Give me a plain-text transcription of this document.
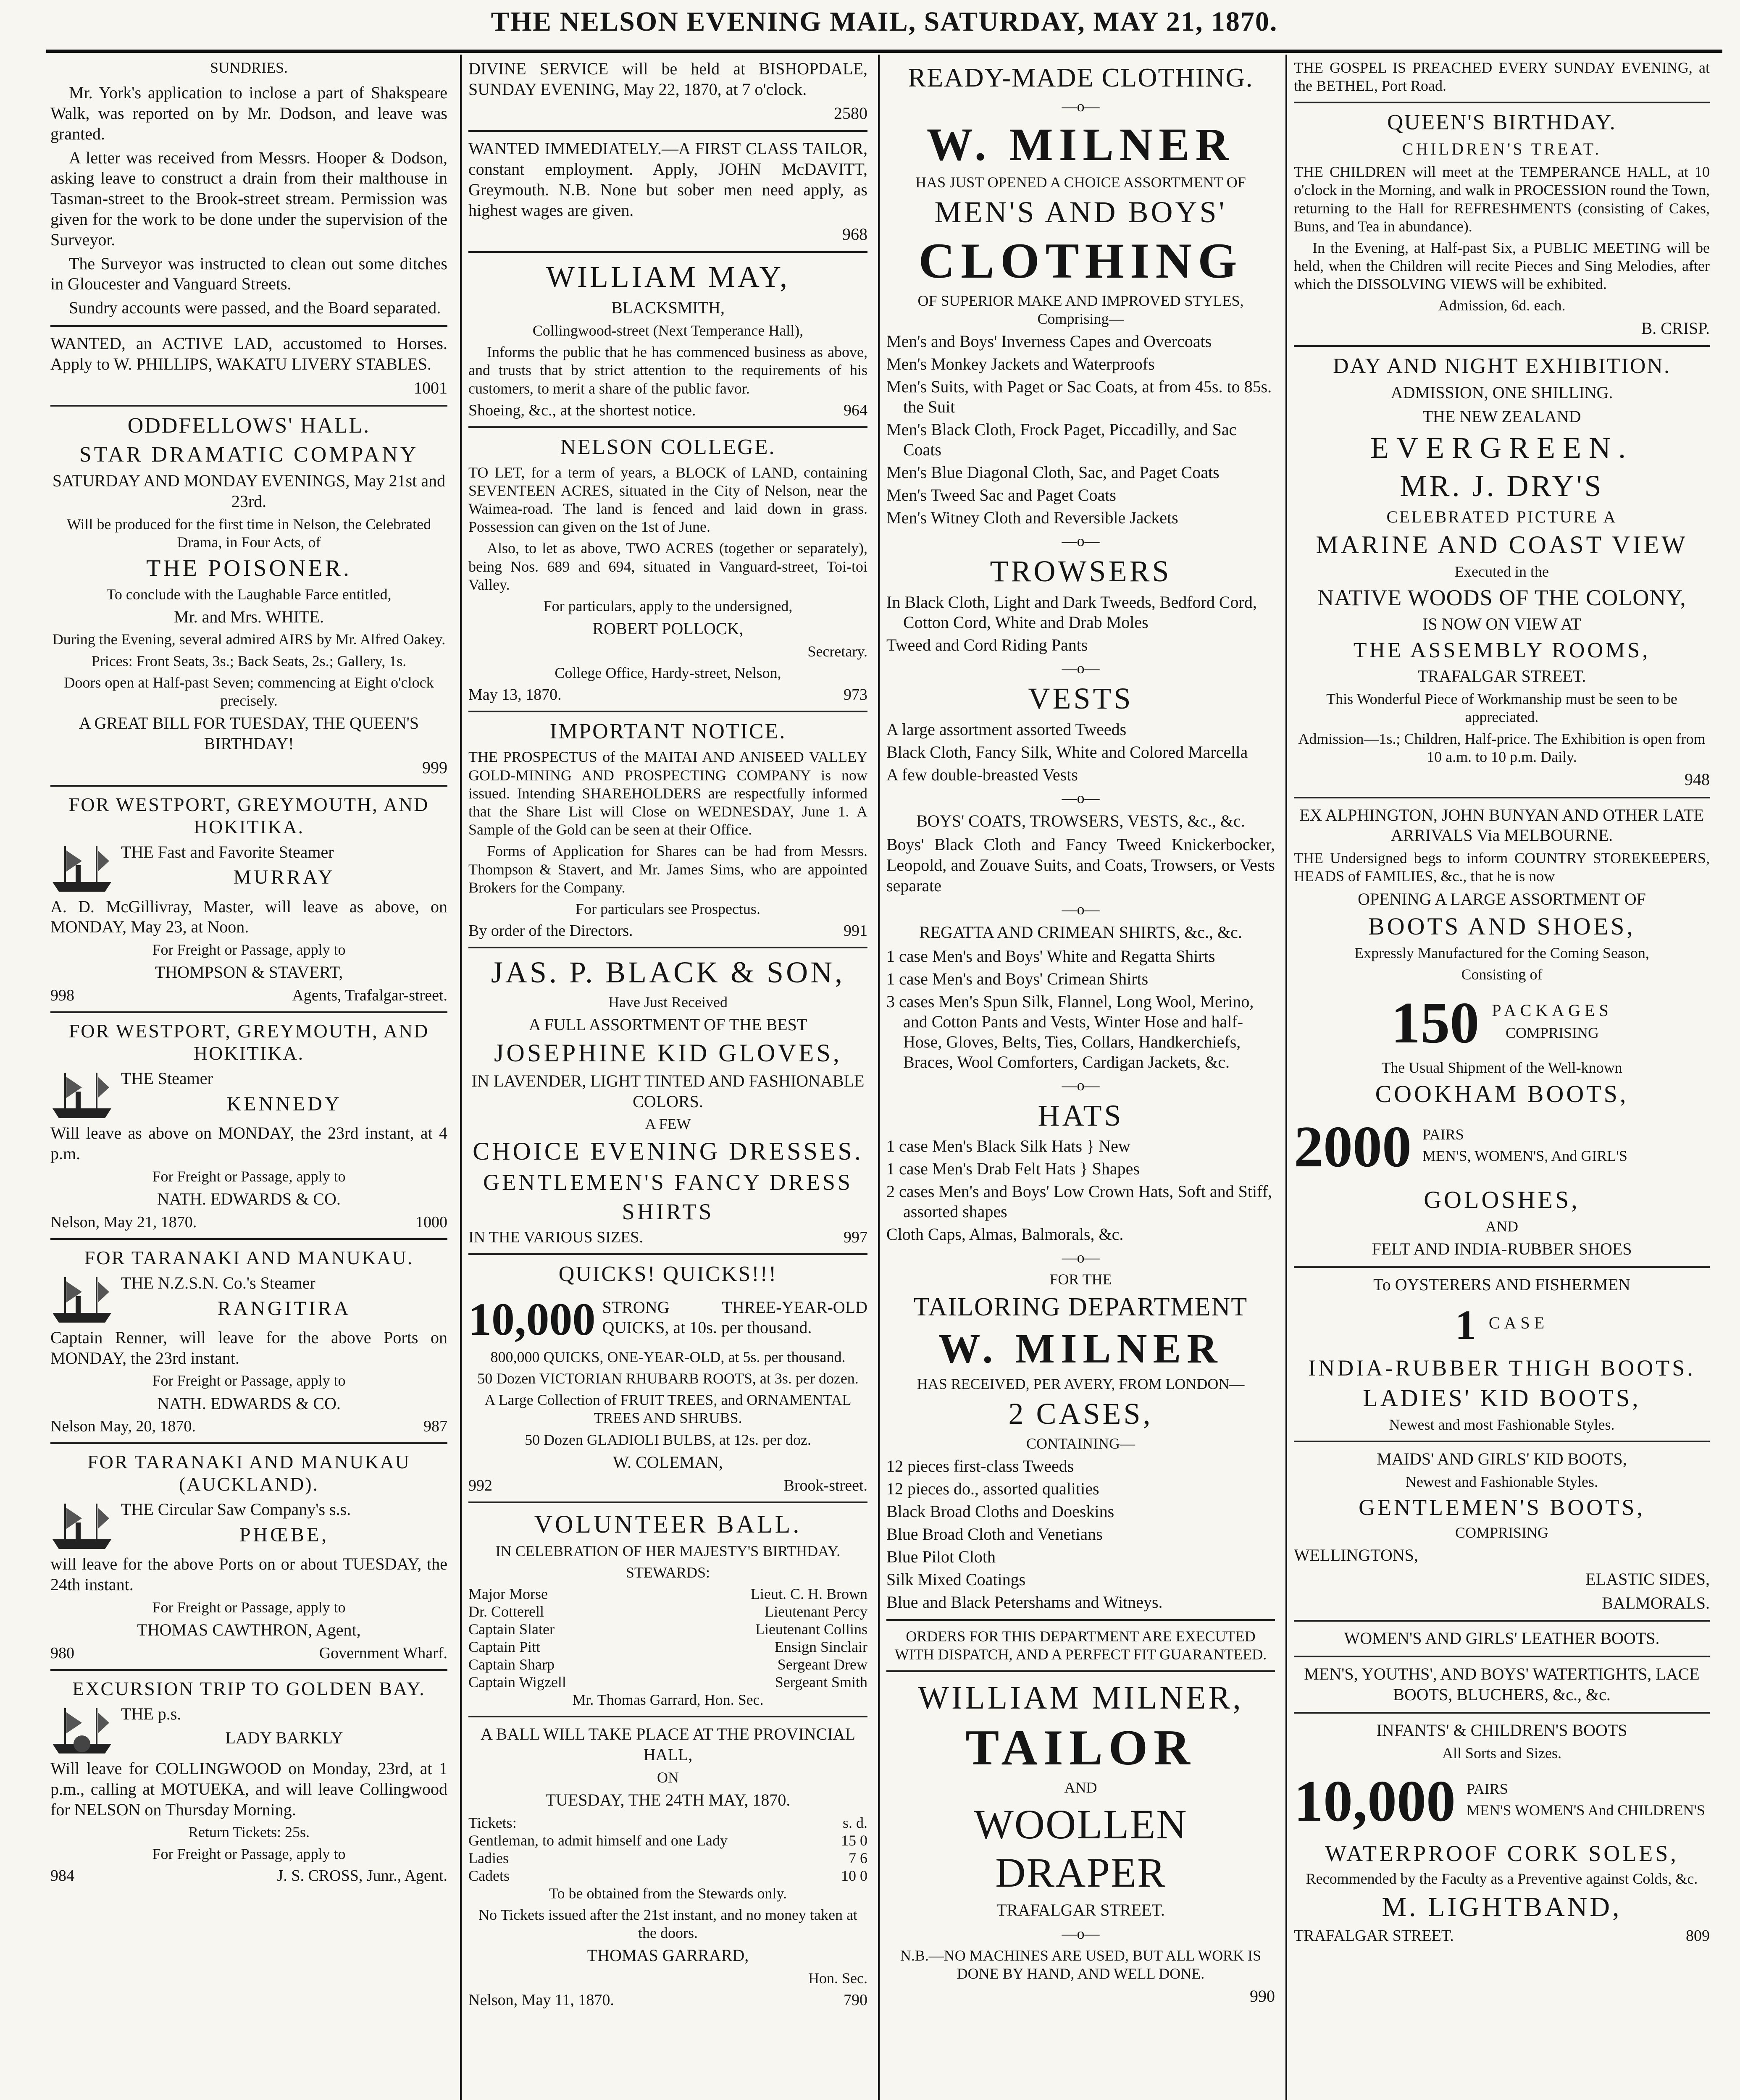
THE NELSON EVENING MAIL, SATURDAY, MAY 21, 1870.

SUNDRIES.

Mr. York's application to inclose a part of Shakspeare Walk, was reported on by Mr. Dodson, and leave was granted.

A letter was received from Messrs. Hooper & Dodson, asking leave to construct a drain from their malthouse in Tasman-street to the Brook-street stream. Permission was given for the work to be done under the supervision of the Surveyor.

The Surveyor was instructed to clean out some ditches in Gloucester and Vanguard Streets.

Sundry accounts were passed, and the Board separated.

WANTED, an ACTIVE LAD, accustomed to Horses. Apply to W. PHILLIPS, WAKATU LIVERY STABLES.

1001

ODDFELLOWS' HALL.

STAR DRAMATIC COMPANY

SATURDAY AND MONDAY EVENINGS, May 21st and 23rd.

Will be produced for the first time in Nelson, the Celebrated Drama, in Four Acts, of

THE POISONER.

To conclude with the Laughable Farce entitled,

Mr. and Mrs. WHITE.

During the Evening, several admired AIRS by Mr. Alfred Oakey.

Prices: Front Seats, 3s.; Back Seats, 2s.; Gallery, 1s.

Doors open at Half-past Seven; commencing at Eight o'clock precisely.

A GREAT BILL FOR TUESDAY, THE QUEEN'S BIRTHDAY!

999

FOR WESTPORT, GREYMOUTH, AND HOKITIKA.

THE Fast and Favorite Steamer

MURRAY

A. D. McGillivray, Master, will leave as above, on MONDAY, May 23, at Noon.

For Freight or Passage, apply to

THOMPSON & STAVERT,

998	Agents, Trafalgar-street.

FOR WESTPORT, GREYMOUTH, AND HOKITIKA.

THE Steamer

KENNEDY

Will leave as above on MONDAY, the 23rd instant, at 4 p.m.

For Freight or Passage, apply to

NATH. EDWARDS & CO.

Nelson, May 21, 1870.	1000

FOR TARANAKI AND MANUKAU.

THE N.Z.S.N. Co.'s Steamer

RANGITIRA

Captain Renner, will leave for the above Ports on MONDAY, the 23rd instant.

For Freight or Passage, apply to

NATH. EDWARDS & CO.

Nelson May, 20, 1870.	987

FOR TARANAKI AND MANUKAU (AUCKLAND).

THE Circular Saw Company's s.s.

PHŒBE,

will leave for the above Ports on or about TUESDAY, the 24th instant.

For Freight or Passage, apply to

THOMAS CAWTHRON, Agent,

980	Government Wharf.

EXCURSION TRIP TO GOLDEN BAY.

THE p.s.

LADY BARKLY

Will leave for COLLINGWOOD on Monday, 23rd, at 1 p.m., calling at MOTUEKA, and will leave Collingwood for NELSON on Thursday Morning.

Return Tickets: 25s.

For Freight or Passage, apply to

984	J. S. CROSS, Junr., Agent.

DIVINE SERVICE will be held at BISHOPDALE, SUNDAY EVENING, May 22, 1870, at 7 o'clock.

2580

WANTED IMMEDIATELY.—A FIRST CLASS TAILOR, constant employment. Apply, JOHN McDAVITT, Greymouth. N.B. None but sober men need apply, as highest wages are given.

968

WILLIAM MAY,

BLACKSMITH,

Collingwood-street (Next Temperance Hall),

Informs the public that he has commenced business as above, and trusts that by strict attention to the requirements of his customers, to merit a share of the public favor.

Shoeing, &c., at the shortest notice.	964

NELSON COLLEGE.

TO LET, for a term of years, a BLOCK of LAND, containing SEVENTEEN ACRES, situated in the City of Nelson, near the Waimea-road. The land is fenced and laid down in grass. Possession can given on the 1st of June.

Also, to let as above, TWO ACRES (together or separately), being Nos. 689 and 694, situated in Vanguard-street, Toi-toi Valley.

For particulars, apply to the undersigned,

ROBERT POLLOCK,

Secretary.

College Office, Hardy-street, Nelson,

May 13, 1870.	973

IMPORTANT NOTICE.

THE PROSPECTUS of the MAITAI AND ANISEED VALLEY GOLD-MINING AND PROSPECTING COMPANY is now issued. Intending SHAREHOLDERS are respectfully informed that the Share List will Close on WEDNESDAY, June 1. A Sample of the Gold can be seen at their Office.

Forms of Application for Shares can be had from Messrs. Thompson & Stavert, and Mr. James Sims, who are appointed Brokers for the Company.

For particulars see Prospectus.

By order of the Directors.	991

JAS. P. BLACK & SON,

Have Just Received

A FULL ASSORTMENT OF THE BEST

JOSEPHINE KID GLOVES,

IN LAVENDER, LIGHT TINTED AND FASHIONABLE COLORS.

A FEW

CHOICE EVENING DRESSES.

GENTLEMEN'S FANCY DRESS

SHIRTS

IN THE VARIOUS SIZES.	997

QUICKS! QUICKS!!!

10,000 STRONG THREE-YEAR-OLD QUICKS, at 10s. per thousand.

800,000 QUICKS, ONE-YEAR-OLD, at 5s. per thousand.

50 Dozen VICTORIAN RHUBARB ROOTS, at 3s. per dozen.

A Large Collection of FRUIT TREES, and ORNAMENTAL TREES AND SHRUBS.

50 Dozen GLADIOLI BULBS, at 12s. per doz.

W. COLEMAN,

992	Brook-street.

VOLUNTEER BALL.

IN CELEBRATION OF HER MAJESTY'S BIRTHDAY.

STEWARDS:

Major Morse	Lieut. C. H. Brown
Dr. Cotterell	Lieutenant Percy
Captain Slater	Lieutenant Collins
Captain Pitt	Ensign Sinclair
Captain Sharp	Sergeant Drew
Captain Wigzell	Sergeant Smith

Mr. Thomas Garrard, Hon. Sec.

A BALL WILL TAKE PLACE AT THE PROVINCIAL HALL,

ON

TUESDAY, THE 24TH MAY, 1870.

Tickets:	s. d.
Gentleman, to admit himself and one Lady	15 0
Ladies	7 6
Cadets	10 0

To be obtained from the Stewards only.

No Tickets issued after the 21st instant, and no money taken at the doors.

THOMAS GARRARD,

Hon. Sec.

Nelson, May 11, 1870.	790

READY-MADE CLOTHING.

—o—

W. MILNER

HAS JUST OPENED A CHOICE ASSORTMENT OF

MEN'S AND BOYS'

CLOTHING

OF SUPERIOR MAKE AND IMPROVED STYLES, Comprising—

Men's and Boys' Inverness Capes and Overcoats
Men's Monkey Jackets and Waterproofs
Men's Suits, with Paget or Sac Coats, at from 45s. to 85s. the Suit
Men's Black Cloth, Frock Paget, Piccadilly, and Sac Coats
Men's Blue Diagonal Cloth, Sac, and Paget Coats
Men's Tweed Sac and Paget Coats
Men's Witney Cloth and Reversible Jackets
—o—

TROWSERS

In Black Cloth, Light and Dark Tweeds, Bedford Cord, Cotton Cord, White and Drab Moles
Tweed and Cord Riding Pants
—o—

VESTS

A large assortment assorted Tweeds
Black Cloth, Fancy Silk, White and Colored Marcella
A few double-breasted Vests
—o—

BOYS' COATS, TROWSERS, VESTS, &c., &c.

Boys' Black Cloth and Fancy Tweed Knickerbocker, Leopold, and Zouave Suits, and Coats, Trowsers, or Vests separate

—o—

REGATTA AND CRIMEAN SHIRTS, &c., &c.

1 case Men's and Boys' White and Regatta Shirts
1 case Men's and Boys' Crimean Shirts
3 cases Men's Spun Silk, Flannel, Long Wool, Merino, and Cotton Pants and Vests, Winter Hose and half-Hose, Gloves, Belts, Ties, Collars, Handkerchiefs, Braces, Wool Comforters, Cardigan Jackets, &c.
—o—

HATS

1 case Men's Black Silk Hats } New
1 case Men's Drab Felt Hats } Shapes
2 cases Men's and Boys' Low Crown Hats, Soft and Stiff, assorted shapes
Cloth Caps, Almas, Balmorals, &c.
—o—

FOR THE

TAILORING DEPARTMENT

W. MILNER

HAS RECEIVED, PER AVERY, FROM LONDON—

2 CASES,

CONTAINING—

12 pieces first-class Tweeds
12 pieces do., assorted qualities
Black Broad Cloths and Doeskins
Blue Broad Cloth and Venetians
Blue Pilot Cloth
Silk Mixed Coatings
Blue and Black Petershams and Witneys.

ORDERS FOR THIS DEPARTMENT ARE EXECUTED WITH DISPATCH, AND A PERFECT FIT GUARANTEED.

WILLIAM MILNER,

TAILOR

AND

WOOLLEN DRAPER

TRAFALGAR STREET.

—o—

N.B.—NO MACHINES ARE USED, BUT ALL WORK IS DONE BY HAND, AND WELL DONE.

990

THE GOSPEL IS PREACHED EVERY SUNDAY EVENING, at the BETHEL, Port Road.

QUEEN'S BIRTHDAY.

CHILDREN'S TREAT.

THE CHILDREN will meet at the TEMPERANCE HALL, at 10 o'clock in the Morning, and walk in PROCESSION round the Town, returning to the Hall for REFRESHMENTS (consisting of Cakes, Buns, and Tea in abundance).

In the Evening, at Half-past Six, a PUBLIC MEETING will be held, when the Children will recite Pieces and Sing Melodies, after which the DISSOLVING VIEWS will be exhibited.

Admission, 6d. each.

B. CRISP.

DAY AND NIGHT EXHIBITION.

ADMISSION, ONE SHILLING.

THE NEW ZEALAND

EVERGREEN.

MR. J. DRY'S

CELEBRATED PICTURE A

MARINE AND COAST VIEW

Executed in the

NATIVE WOODS OF THE COLONY,

IS NOW ON VIEW AT

THE ASSEMBLY ROOMS,

TRAFALGAR STREET.

This Wonderful Piece of Workmanship must be seen to be appreciated.

Admission—1s.; Children, Half-price. The Exhibition is open from 10 a.m. to 10 p.m. Daily.

948

EX ALPHINGTON, JOHN BUNYAN AND OTHER LATE ARRIVALS Via MELBOURNE.

THE Undersigned begs to inform COUNTRY STOREKEEPERS, HEADS of FAMILIES, &c., that he is now

OPENING A LARGE ASSORTMENT OF

BOOTS AND SHOES,

Expressly Manufactured for the Coming Season,

Consisting of

150 PACKAGES
COMPRISING

The Usual Shipment of the Well-known

COOKHAM BOOTS,

2000 PAIRS
MEN'S, WOMEN'S, And GIRL'S

GOLOSHES,

AND

FELT AND INDIA-RUBBER SHOES

To OYSTERERS AND FISHERMEN

1 CASE

INDIA-RUBBER THIGH BOOTS.

LADIES' KID BOOTS,

Newest and most Fashionable Styles.

MAIDS' AND GIRLS' KID BOOTS,

Newest and Fashionable Styles.

GENTLEMEN'S BOOTS,

COMPRISING

WELLINGTONS,

ELASTIC SIDES,

BALMORALS.

WOMEN'S AND GIRLS' LEATHER BOOTS.

MEN'S, YOUTHS', AND BOYS' WATERTIGHTS, LACE BOOTS, BLUCHERS, &c., &c.

INFANTS' & CHILDREN'S BOOTS

All Sorts and Sizes.

10,000 PAIRS
MEN'S WOMEN'S And CHILDREN'S

WATERPROOF CORK SOLES,

Recommended by the Faculty as a Preventive against Colds, &c.

M. LIGHTBAND,

TRAFALGAR STREET.	809
